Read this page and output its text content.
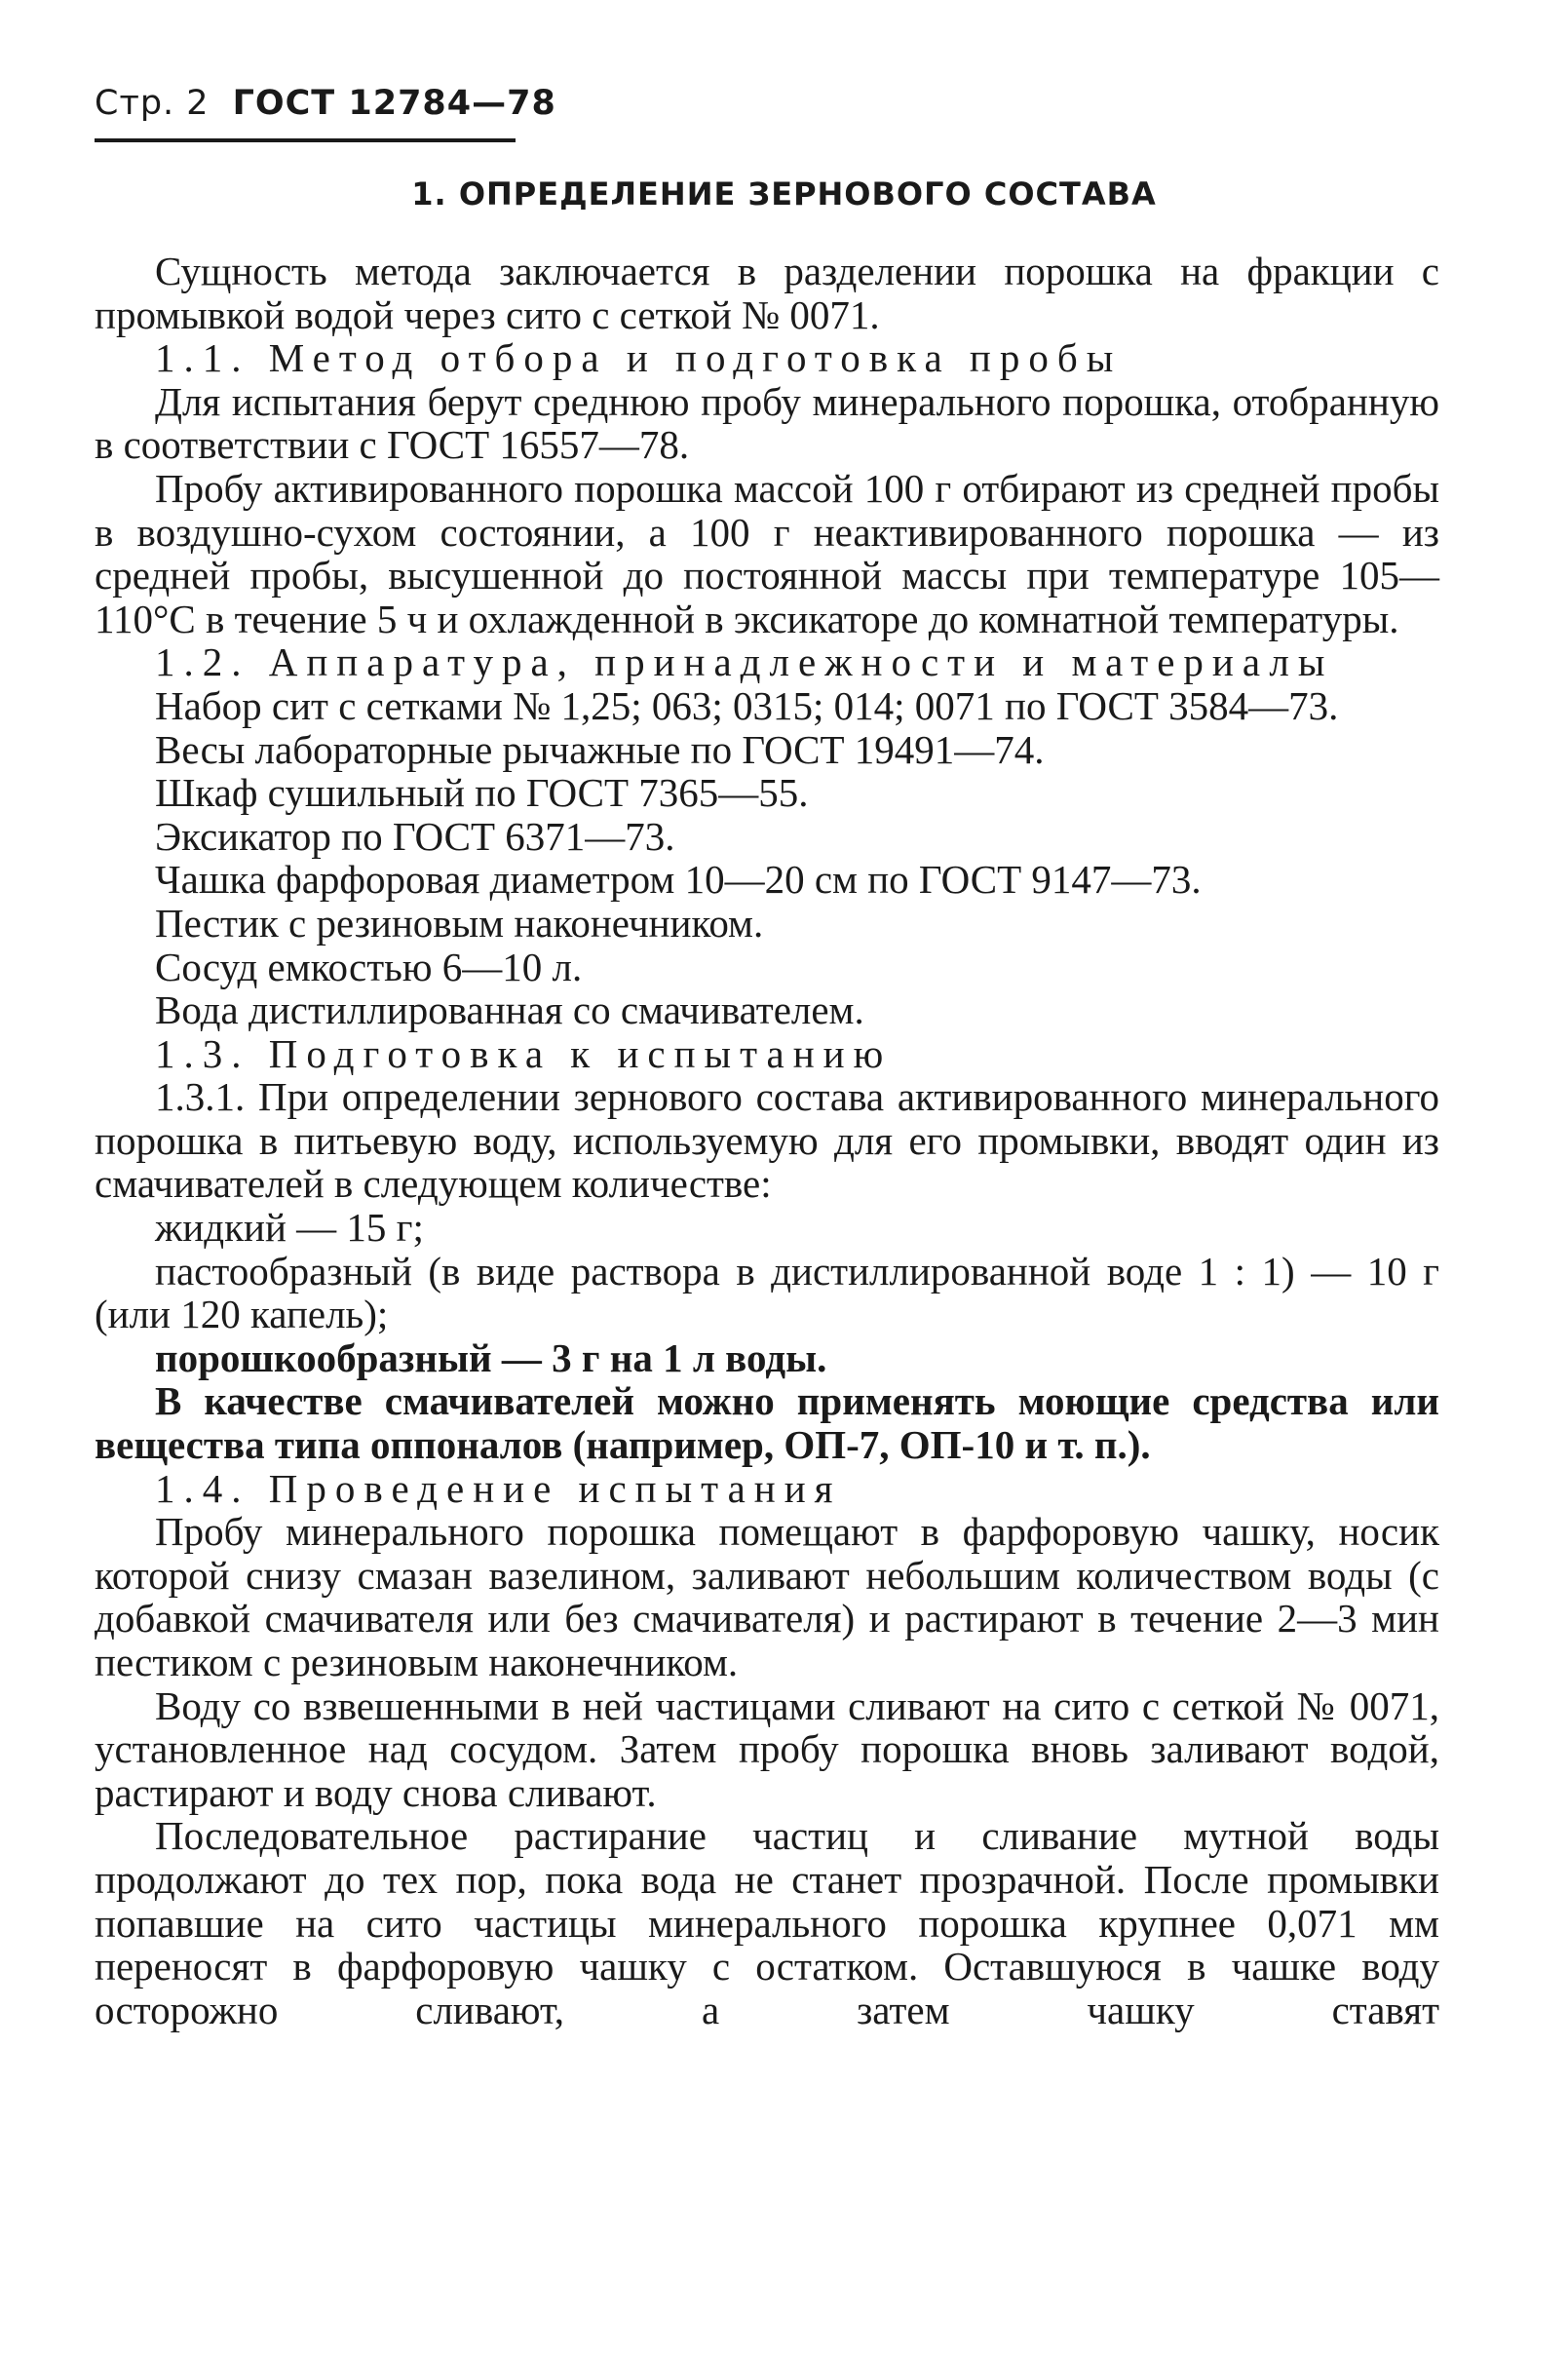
Стр. 2 ГОСТ 12784—78
1. ОПРЕДЕЛЕНИЕ ЗЕРНОВОГО СОСТАВА

Сущность метода заключается в разделении порошка на фракции с промывкой водой через сито с сеткой № 0071.

1.1. Метод отбора и подготовка пробы

Для испытания берут среднюю пробу минерального порошка, отобранную в соответствии с ГОСТ 16557—78.

Пробу активированного порошка массой 100 г отбирают из средней пробы в воздушно-сухом состоянии, а 100 г неактивированного порошка — из средней пробы, высушенной до постоянной массы при температуре 105—110°С в течение 5 ч и охлажденной в эксикаторе до комнатной температуры.

1.2. Аппаратура, принадлежности и материалы

Набор сит с сетками № 1,25; 063; 0315; 014; 0071 по ГОСТ 3584—73.

Весы лабораторные рычажные по ГОСТ 19491—74.

Шкаф сушильный по ГОСТ 7365—55.

Эксикатор по ГОСТ 6371—73.

Чашка фарфоровая диаметром 10—20 см по ГОСТ 9147—73.

Пестик с резиновым наконечником.

Сосуд емкостью 6—10 л.

Вода дистиллированная со смачивателем.

1.3. Подготовка к испытанию

1.3.1. При определении зернового состава активированного минерального порошка в питьевую воду, используемую для его промывки, вводят один из смачивателей в следующем количестве:

жидкий — 15 г;

пастообразный (в виде раствора в дистиллированной воде 1 : 1) — 10 г (или 120 капель);

порошкообразный — 3 г на 1 л воды.

В качестве смачивателей можно применять моющие средства или вещества типа оппоналов (например, ОП-7, ОП-10 и т. п.).

1.4. Проведение испытания

Пробу минерального порошка помещают в фарфоровую чашку, носик которой снизу смазан вазелином, заливают небольшим количеством воды (с добавкой смачивателя или без смачивателя) и растирают в течение 2—3 мин пестиком с резиновым наконечником.

Воду со взвешенными в ней частицами сливают на сито с сеткой № 0071, установленное над сосудом. Затем пробу порошка вновь заливают водой, растирают и воду снова сливают.

Последовательное растирание частиц и сливание мутной воды продолжают до тех пор, пока вода не станет прозрачной. После промывки попавшие на сито частицы минерального порошка крупнее 0,071 мм переносят в фарфоровую чашку с остатком. Оставшуюся в чашке воду осторожно сливают, а затем чашку ставят
